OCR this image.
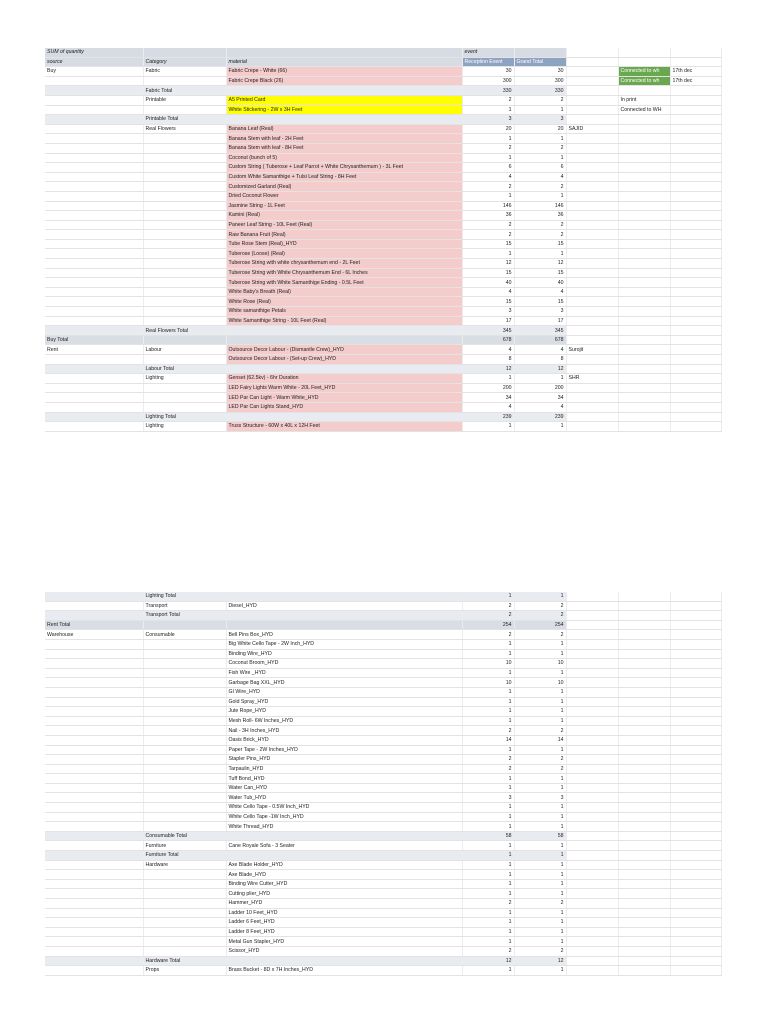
SUM of quantity			event				
source	Category	material	Reception Event	Grand Total			
Buy	Fabric	Fabric Crepe - White (66)	30	30		Connected to wh	17th dec
		Fabric Crepe Black (26)	300	300		Connected to wh	17th dec
	Fabric Total		330	330			
	Printable	A5 Printed Card	2	2		In print	
		White Stickering - 2W x 3H Feet	1	1		Connected to WH	
	Printable Total		3	3			
	Real Flowers	Banana Leaf (Real)	20	20	SAJID		
		Banana Stem with leaf - 2H Feet	1	1			
		Banana Stem with leaf - 8H Feet	2	2			
		Coconut (bunch of 5)	1	1			
		Custom String ( Tuberose + Leaf Parrot + White Chrysanthemum ) - 3L Feet	6	6			
		Custom White Samanthige + Tulsi Leaf String - 8H Feet	4	4			
		Customized Garland (Real)	2	2			
		Dried Coconut Flower	1	1			
		Jasmine String - 1L Feet	146	146			
		Kamini (Real)	36	36			
		Paneer Leaf String - 10L Feet (Real)	2	2			
		Raw Banana Fruit (Real)	2	2			
		Tube Rose Stem (Real)_HYD	15	15			
		Tuberose (Loose) (Real)	1	1			
		Tuberose String with white chrysanthemum end - 2L Feet	12	12			
		Tuberose String with White Chrysanthemum End - 6L Inches	15	15			
		Tuberose String with White Samanthige Ending - 0.5L Feet	40	40			
		White Baby's Breath (Real)	4	4			
		White Rose (Real)	15	15			
		White samanthige Petals	3	3			
		White Samanthige String - 10L Feet (Real)	17	17			
	Real Flowers Total		345	345			
Buy Total			678	678			
Rent	Labour	Outsource Decor Labour - (Dismantle Crew)_HYD	4	4	Surojit		
		Outsource Decor Labour - (Set-up Crew)_HYD	8	8			
	Labour Total		12	12			
	Lighting	Genset (62.5kv) - 6hr Duration	1	1	SHR		
		LED Fairy Lights Warm White - 20L Feet_HYD	200	200			
		LED Par Can Light - Warm White_HYD	34	34			
		LED Par Can Lights Stand_HYD	4	4			
	Lighting Total		239	239			
	Lighting	Truss Structure - 60W x 40L x 12H Feet	1	1			
	Lighting Total		1	1			
	Transport	Diesel_HYD	2	2			
	Transport Total		2	2			
Rent Total			254	254			
Warehouse	Consumable	Bell Pins Box_HYD	2	2			
		Big White Cello Tape - 2W Inch_HYD	1	1			
		Binding Wire_HYD	1	1			
		Coconut Broom_HYD	10	10			
		Fish Wire _HYD	1	1			
		Garbage Bag XXL_HYD	10	10			
		GI Wire_HYD	1	1			
		Gold Spray_HYD	1	1			
		Jute Rope_HYD	1	1			
		Mesh Roll- 6W Inches_HYD	1	1			
		Nail - 3H Inches_HYD	2	2			
		Oasis Brick_HYD	14	14			
		Paper Tape - 2W Inches_HYD	1	1			
		Stapler Pins_HYD	2	2			
		Tarpaulin_HYD	2	2			
		Tuff Bond_HYD	1	1			
		Water Can_HYD	1	1			
		Water Tub_HYD	3	3			
		White Cello Tape - 0.5W Inch_HYD	1	1			
		White Cello Tape -1W Inch_HYD	1	1			
		White Thread_HYD	1	1			
	Consumable Total		58	58			
	Furniture	Cane Royale Sofa - 3 Seater	1	1			
	Furniture Total		1	1			
	Hardware	Axe Blade Holder_HYD	1	1			
		Axe Blade_HYD	1	1			
		Binding Wire Cutter_HYD	1	1			
		Cutting plier_HYD	1	1			
		Hammer_HYD	2	2			
		Ladder 10 Feet_HYD	1	1			
		Ladder 6 Feet_HYD	1	1			
		Ladder 8 Feet_HYD	1	1			
		Metal Gun Stapler_HYD	1	1			
		Scissor_HYD	2	2			
	Hardware Total		12	12			
	Props	Brass Bucket - 8D x 7H Inches_HYD	1	1			
